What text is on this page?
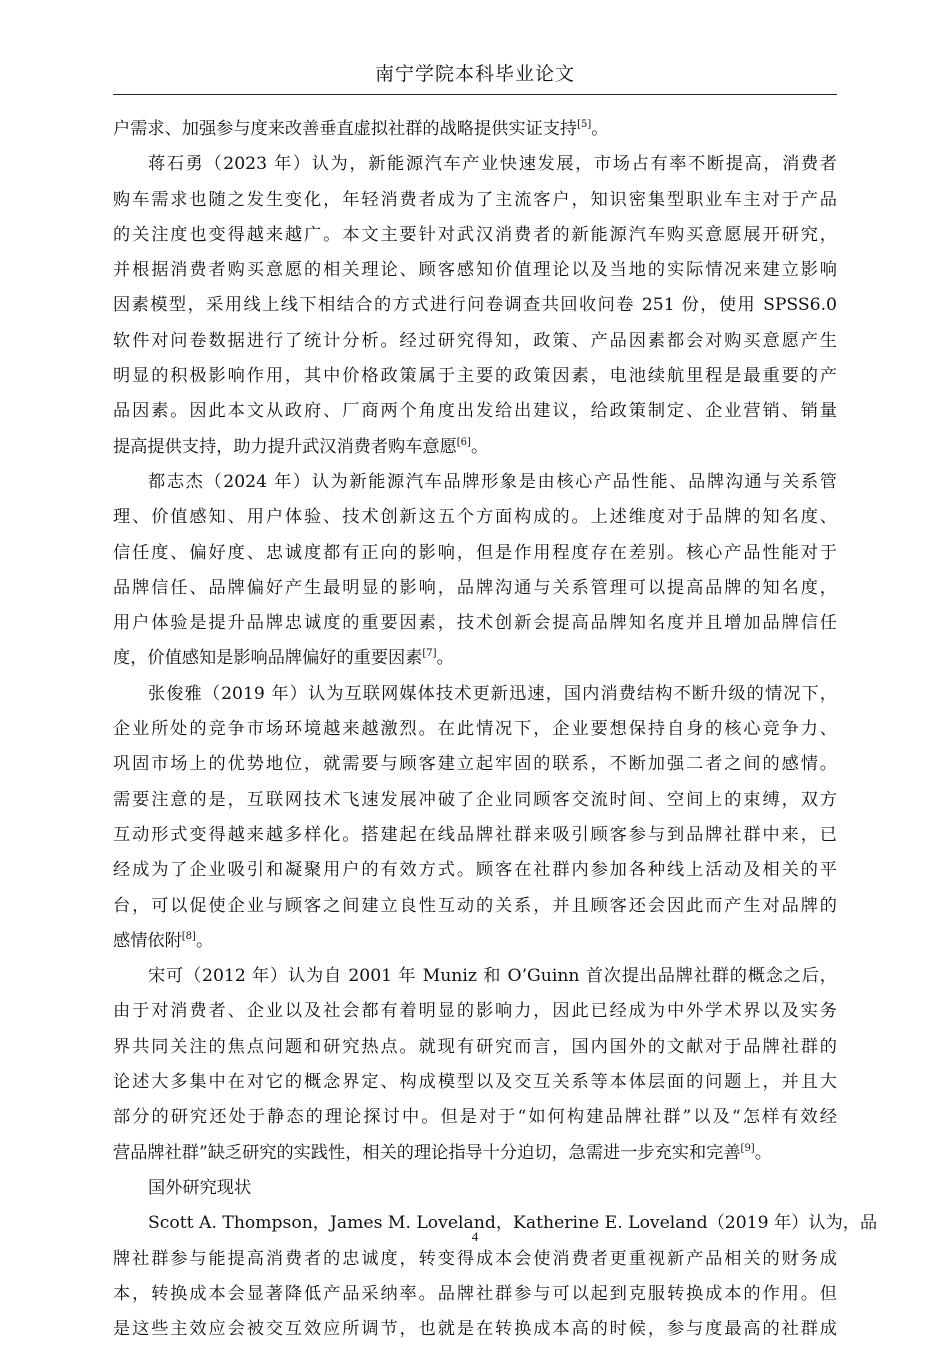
南宁学院本科毕业论文
户需求、加强参与度来改善垂直虚拟社群的战略提供实证支持[5]。
蒋石勇（2023 年）认为，新能源汽车产业快速发展，市场占有率不断提高，消费者
购车需求也随之发生变化，年轻消费者成为了主流客户，知识密集型职业车主对于产品
的关注度也变得越来越广。本文主要针对武汉消费者的新能源汽车购买意愿展开研究，
并根据消费者购买意愿的相关理论、顾客感知价值理论以及当地的实际情况来建立影响
因素模型，采用线上线下相结合的方式进行问卷调查共回收问卷 251 份，使用 SPSS6.0
软件对问卷数据进行了统计分析。经过研究得知，政策、产品因素都会对购买意愿产生
明显的积极影响作用，其中价格政策属于主要的政策因素，电池续航里程是最重要的产
品因素。因此本文从政府、厂商两个角度出发给出建议，给政策制定、企业营销、销量
提高提供支持，助力提升武汉消费者购车意愿[6]。
都志杰（2024 年）认为新能源汽车品牌形象是由核心产品性能、品牌沟通与关系管
理、价值感知、用户体验、技术创新这五个方面构成的。上述维度对于品牌的知名度、
信任度、偏好度、忠诚度都有正向的影响，但是作用程度存在差别。核心产品性能对于
品牌信任、品牌偏好产生最明显的影响，品牌沟通与关系管理可以提高品牌的知名度，
用户体验是提升品牌忠诚度的重要因素，技术创新会提高品牌知名度并且增加品牌信任
度，价值感知是影响品牌偏好的重要因素[7]。
张俊雅（2019 年）认为互联网媒体技术更新迅速，国内消费结构不断升级的情况下，
企业所处的竞争市场环境越来越激烈。在此情况下，企业要想保持自身的核心竞争力、
巩固市场上的优势地位，就需要与顾客建立起牢固的联系，不断加强二者之间的感情。
需要注意的是，互联网技术飞速发展冲破了企业同顾客交流时间、空间上的束缚，双方
互动形式变得越来越多样化。搭建起在线品牌社群来吸引顾客参与到品牌社群中来，已
经成为了企业吸引和凝聚用户的有效方式。顾客在社群内参加各种线上活动及相关的平
台，可以促使企业与顾客之间建立良性互动的关系，并且顾客还会因此而产生对品牌的
感情依附[8]。
宋可（2012 年）认为自 2001 年 Muniz 和 O’Guinn 首次提出品牌社群的概念之后，
由于对消费者、企业以及社会都有着明显的影响力，因此已经成为中外学术界以及实务
界共同关注的焦点问题和研究热点。就现有研究而言，国内国外的文献对于品牌社群的
论述大多集中在对它的概念界定、构成模型以及交互关系等本体层面的问题上，并且大
部分的研究还处于静态的理论探讨中。但是对于“如何构建品牌社群”以及“怎样有效经
营品牌社群”缺乏研究的实践性，相关的理论指导十分迫切，急需进一步充实和完善[9]。
国外研究现状
Scott A. Thompson，James M. Loveland，Katherine E. Loveland（2019 年）认为，品
牌社群参与能提高消费者的忠诚度，转变得成本会使消费者更重视新产品相关的财务成
本，转换成本会显著降低产品采纳率。品牌社群参与可以起到克服转换成本的作用。但
是这些主效应会被交互效应所调节，也就是在转换成本高的时候，参与度最高的社群成
4
